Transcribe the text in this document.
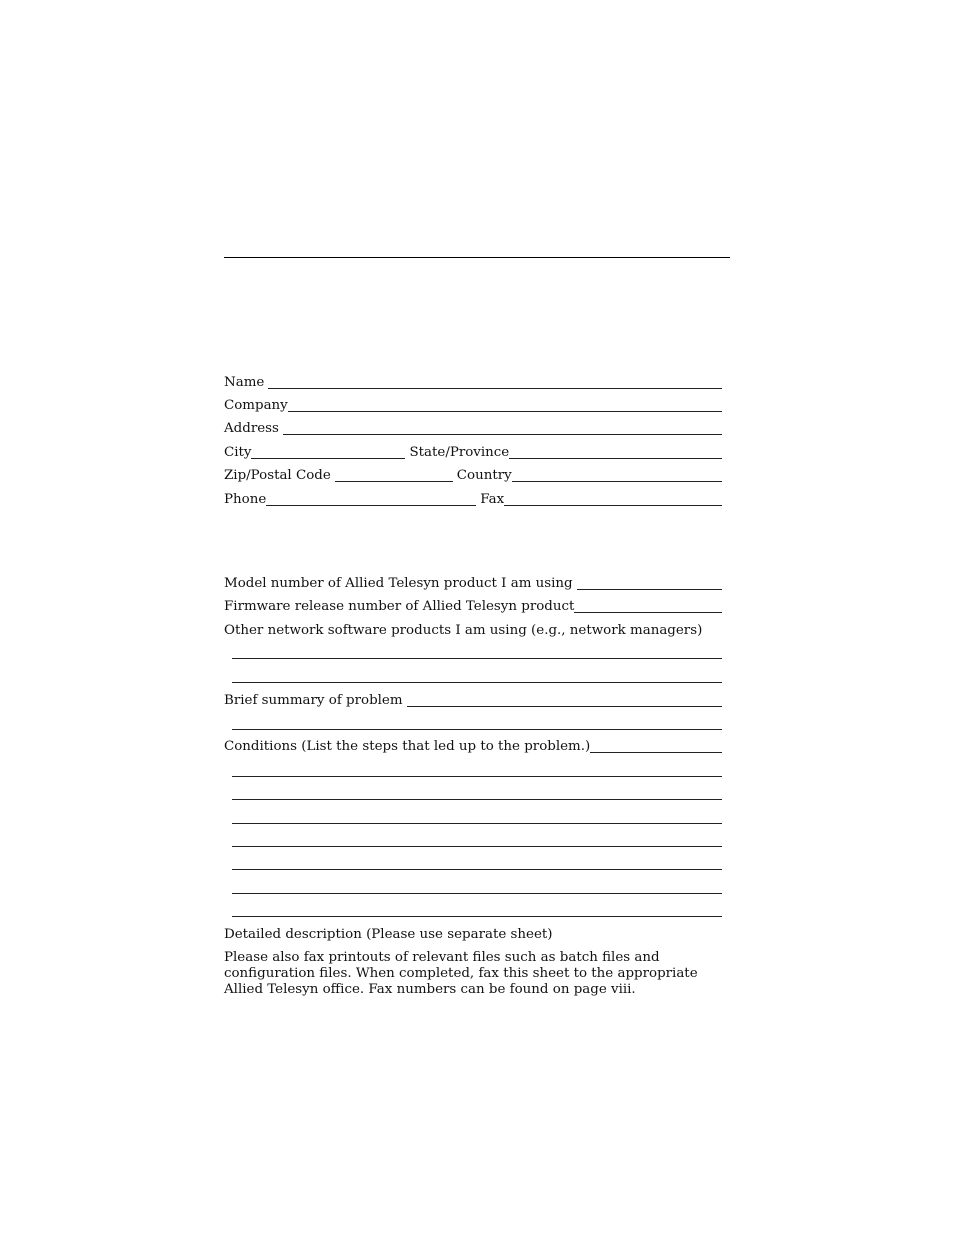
Name
Company
Address
City	State/Province
Zip/Postal Code	Country
Phone	Fax
Model number of Allied Telesyn product I am using
Firmware release number of Allied Telesyn product
Other network software products I am using (e.g., network managers)
Brief summary of problem
Conditions (List the steps that led up to the problem.)
Detailed description (Please use separate sheet)
Please also fax printouts of relevant files such as batch files and configuration files. When completed, fax this sheet to the appropriate Allied Telesyn office. Fax numbers can be found on page viii.
